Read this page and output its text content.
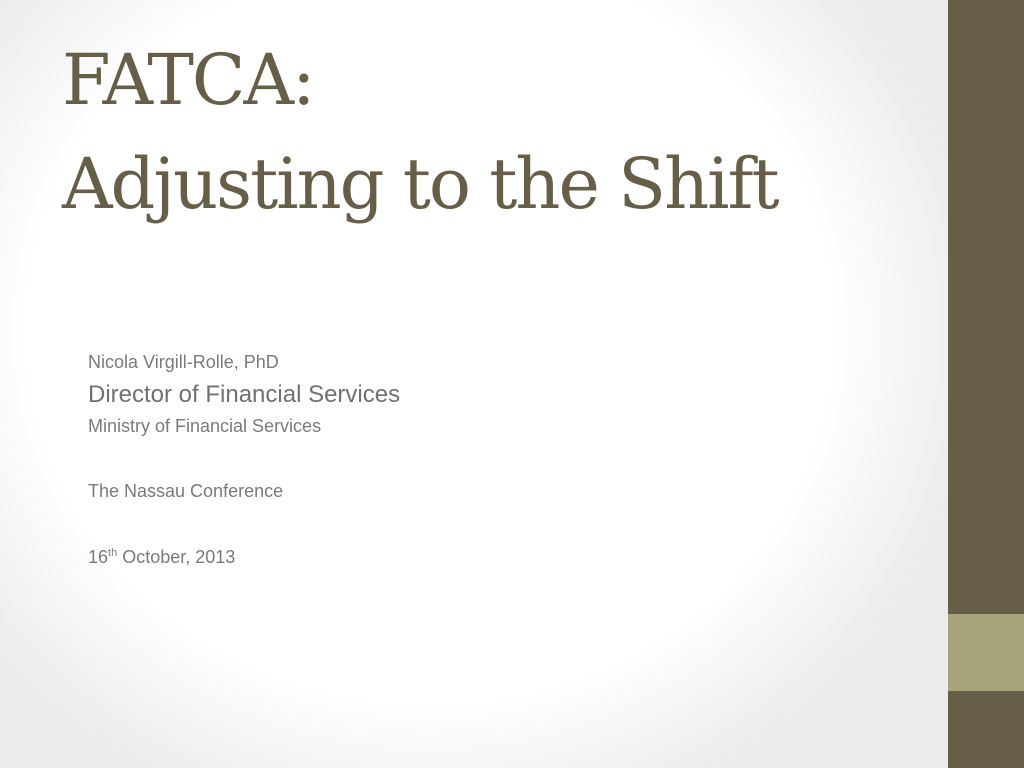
FATCA:
Adjusting to the Shift
Nicola Virgill-Rolle, PhD
Director of Financial Services
Ministry of Financial Services
The Nassau Conference
16th October, 2013
